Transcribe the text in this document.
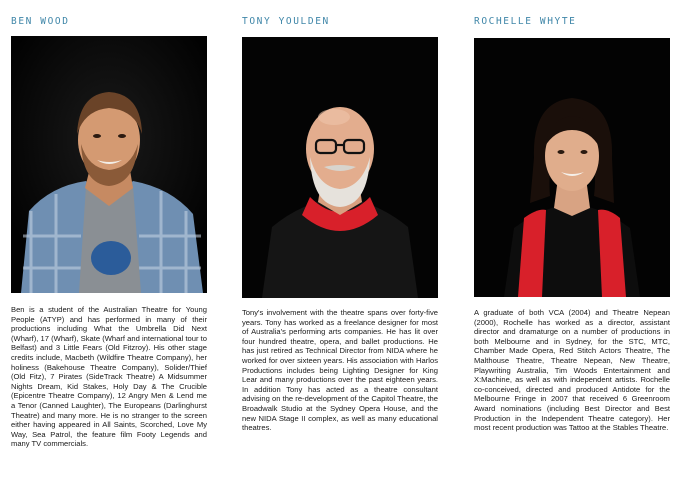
BEN WOOD

Ben is a student of the Australian Theatre for Young People (ATYP) and has performed in many of their productions including What the Umbrella Did Next (Wharf), 17 (Wharf), Skate (Wharf and international tour to Belfast) and 3 Little Fears (Old Fitzroy). His other stage credits include, Macbeth (Wildfire Theatre Company), her holiness (Bakehouse Theatre Company), Solider/Thief (Old Fitz), 7 Pirates (SideTrack Theatre) A Midsummer Nights Dream, Kid Stakes, Holy Day & The Crucible (Epicentre Theatre Company), 12 Angry Men & Lend me a Tenor (Canned Laughter), The Europeans (Darlinghurst Theatre) and many more. He is no stranger to the screen either having appeared in All Saints, Scorched, Love My Way, Sea Patrol, the feature film Footy Legends and many TV commercials.

TONY YOULDEN

Tony's involvement with the theatre spans over forty-five years. Tony has worked as a freelance designer for most of Australia's performing arts companies. He has lit over four hundred theatre, opera, and ballet productions. He has just retired as Technical Director from NIDA where he worked for over sixteen years. His association with Harlos Productions includes being Lighting Designer for King Lear and many productions over the past eighteen years. In addition Tony has acted as a theatre consultant advising on the re-development of the Capitol Theatre, the Broadwalk Studio at the Sydney Opera House, and the new NIDA Stage II complex, as well as many educational theatres.

ROCHELLE WHYTE

A graduate of both VCA (2004) and Theatre Nepean (2000), Rochelle has worked as a director, assistant director and dramaturge on a number of productions in both Melbourne and in Sydney, for the STC, MTC, Chamber Made Opera, Red Stitch Actors Theatre, The Malthouse Theatre, Theatre Nepean, New Theatre, Playwriting Australia, Tim Woods Entertainment and X:Machine, as well as with independent artists. Rochelle co-conceived, directed and produced Antidote for the Melbourne Fringe in 2007 that received 6 Greenroom Award nominations (including Best Director and Best Production in the Independent Theatre category). Her most recent production was Tattoo at the Stables Theatre.
